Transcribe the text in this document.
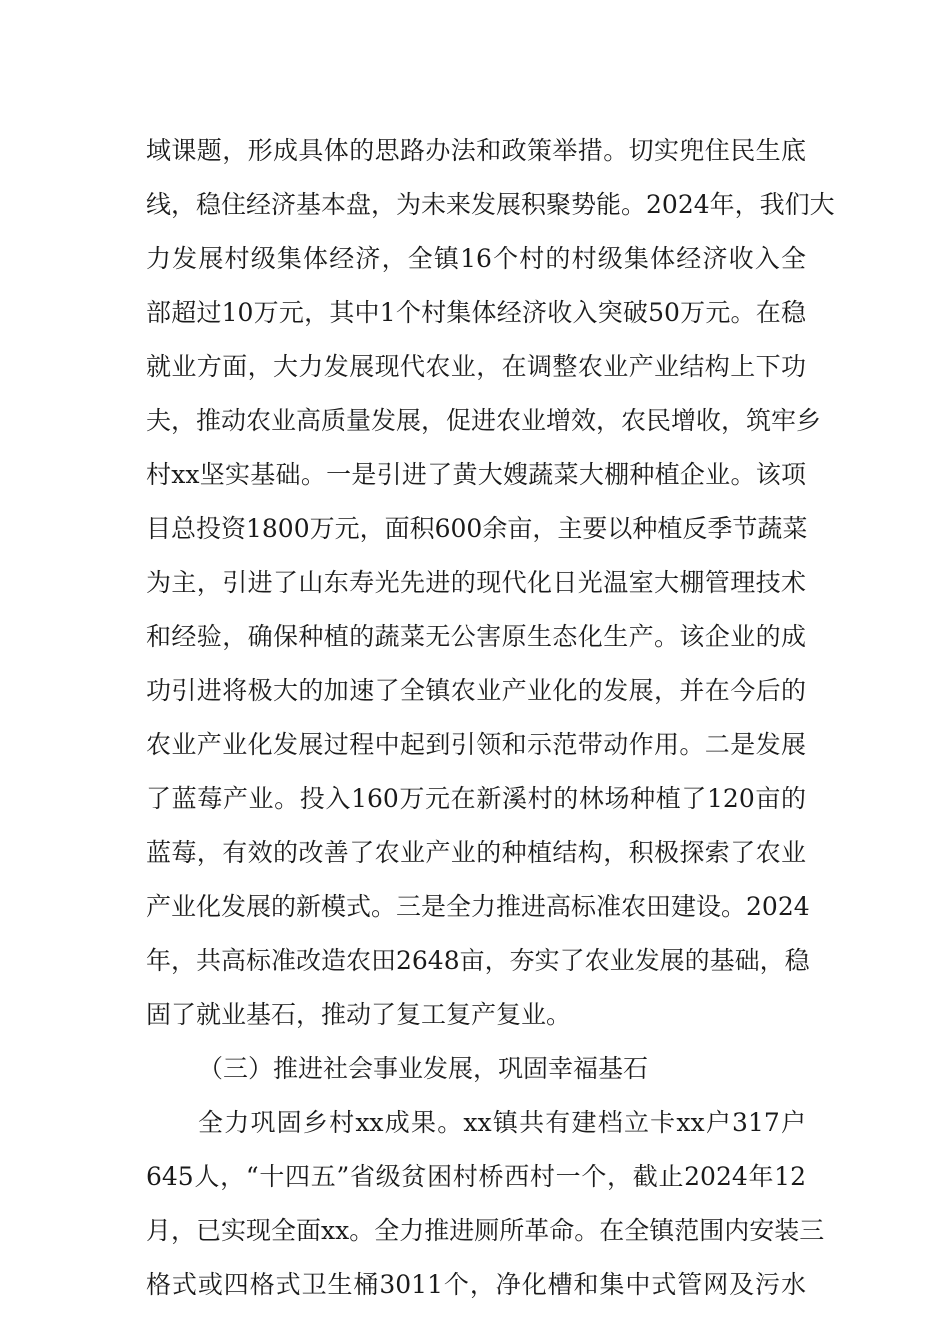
域课题，形成具体的思路办法和政策举措。切实兜住民生底
线，稳住经济基本盘，为未来发展积聚势能。2024年，我们大
力发展村级集体经济，全镇16个村的村级集体经济收入全
部超过10万元，其中1个村集体经济收入突破50万元。在稳
就业方面，大力发展现代农业，在调整农业产业结构上下功
夫，推动农业高质量发展，促进农业增效，农民增收，筑牢乡
村xx坚实基础。一是引进了黄大嫂蔬菜大棚种植企业。该项
目总投资1800万元，面积600余亩，主要以种植反季节蔬菜
为主，引进了山东寿光先进的现代化日光温室大棚管理技术
和经验，确保种植的蔬菜无公害原生态化生产。该企业的成
功引进将极大的加速了全镇农业产业化的发展，并在今后的
农业产业化发展过程中起到引领和示范带动作用。二是发展
了蓝莓产业。投入160万元在新溪村的林场种植了120亩的
蓝莓，有效的改善了农业产业的种植结构，积极探索了农业
产业化发展的新模式。三是全力推进高标准农田建设。2024
年，共高标准改造农田2648亩，夯实了农业发展的基础，稳
固了就业基石，推动了复工复产复业。
（三）推进社会事业发展，巩固幸福基石
全力巩固乡村xx成果。xx镇共有建档立卡xx户317户
645人，“十四五”省级贫困村桥西村一个，截止2024年12
月，已实现全面xx。全力推进厕所革命。在全镇范围内安装三
格式或四格式卫生桶3011个，净化槽和集中式管网及污水
